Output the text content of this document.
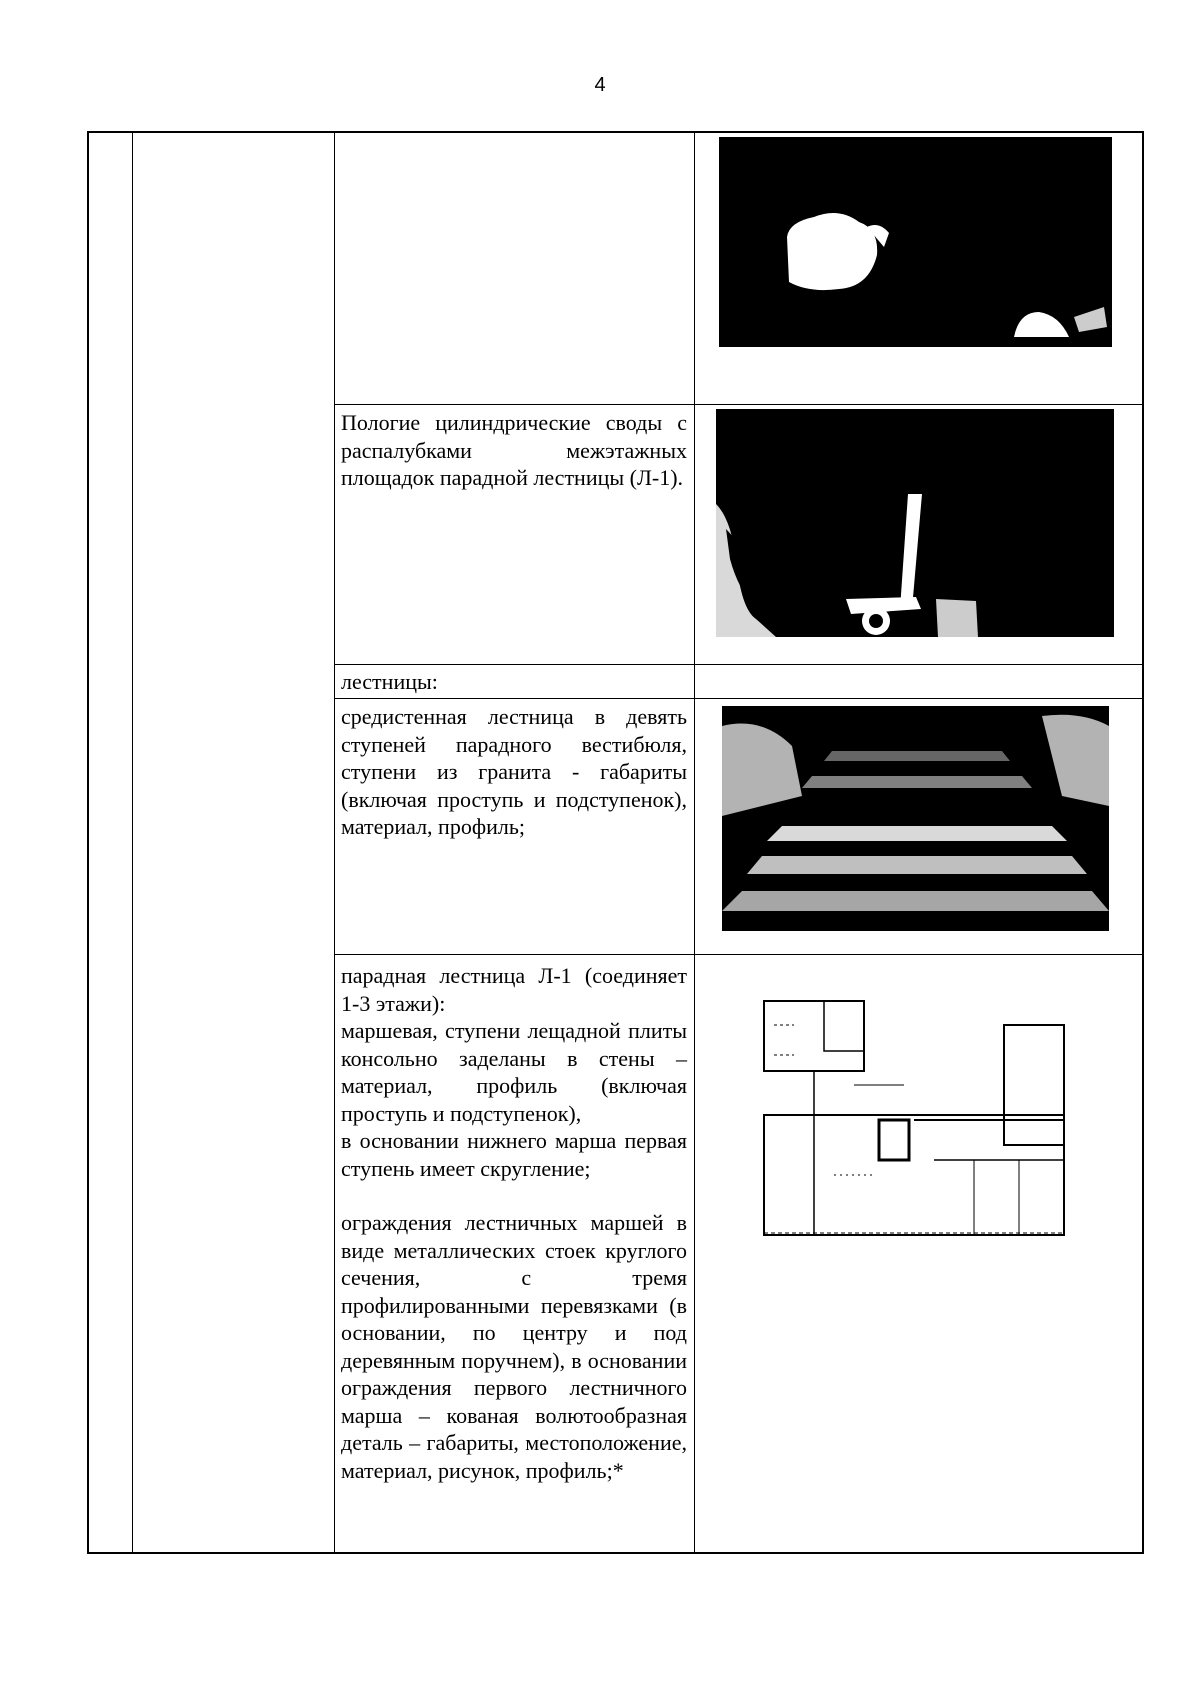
4
Пологие цилиндрические своды с распалубками межэтажных площадок парадной лестницы (Л-1).
лестницы:
средистенная лестница в девять ступеней парадного вестибюля, ступени из гранита - габариты (включая проступь и подступенок), материал, профиль;
парадная лестница Л-1 (соединяет 1-3 этажи):
маршевая, ступени лещадной плиты консольно заделаны в стены – материал, профиль (включая проступь и подступенок),
в основании нижнего марша первая ступень имеет скругление;
ограждения лестничных маршей в виде металлических стоек круглого сечения, с тремя профилированными перевязками (в основании, по центру и под деревянным поручнем), в основании ограждения первого лестничного марша – кованая волютообразная деталь – габариты, местоположение, материал, рисунок, профиль;*
